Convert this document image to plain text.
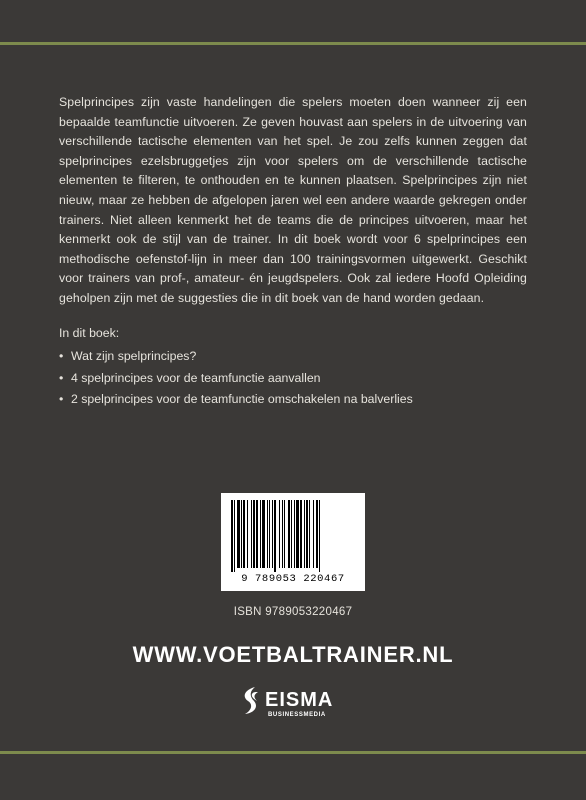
Spelprincipes zijn vaste handelingen die spelers moeten doen wanneer zij een bepaalde teamfunctie uitvoeren. Ze geven houvast aan spelers in de uitvoering van verschillende tactische elementen van het spel. Je zou zelfs kunnen zeggen dat spelprincipes ezelsbruggetjes zijn voor spelers om de verschillende tactische elementen te filteren, te onthouden en te kunnen plaatsen. Spelprincipes zijn niet nieuw, maar ze hebben de afgelopen jaren wel een andere waarde gekregen onder trainers. Niet alleen kenmerkt het de teams die de principes uitvoeren, maar het kenmerkt ook de stijl van de trainer. In dit boek wordt voor 6 spelprincipes een methodische oefenstof-lijn in meer dan 100 trainingsvormen uitgewerkt. Geschikt voor trainers van prof-, amateur- én jeugdspelers. Ook zal iedere Hoofd Opleiding geholpen zijn met de suggesties die in dit boek van de hand worden gedaan.

In dit boek:

• Wat zijn spelprincipes?
• 4 spelprincipes voor de teamfunctie aanvallen
• 2 spelprincipes voor de teamfunctie omschakelen na balverlies
9 789053 220467
ISBN 9789053220467
WWW.VOETBALTRAINER.NL
EISMA
BUSINESSMEDIA
